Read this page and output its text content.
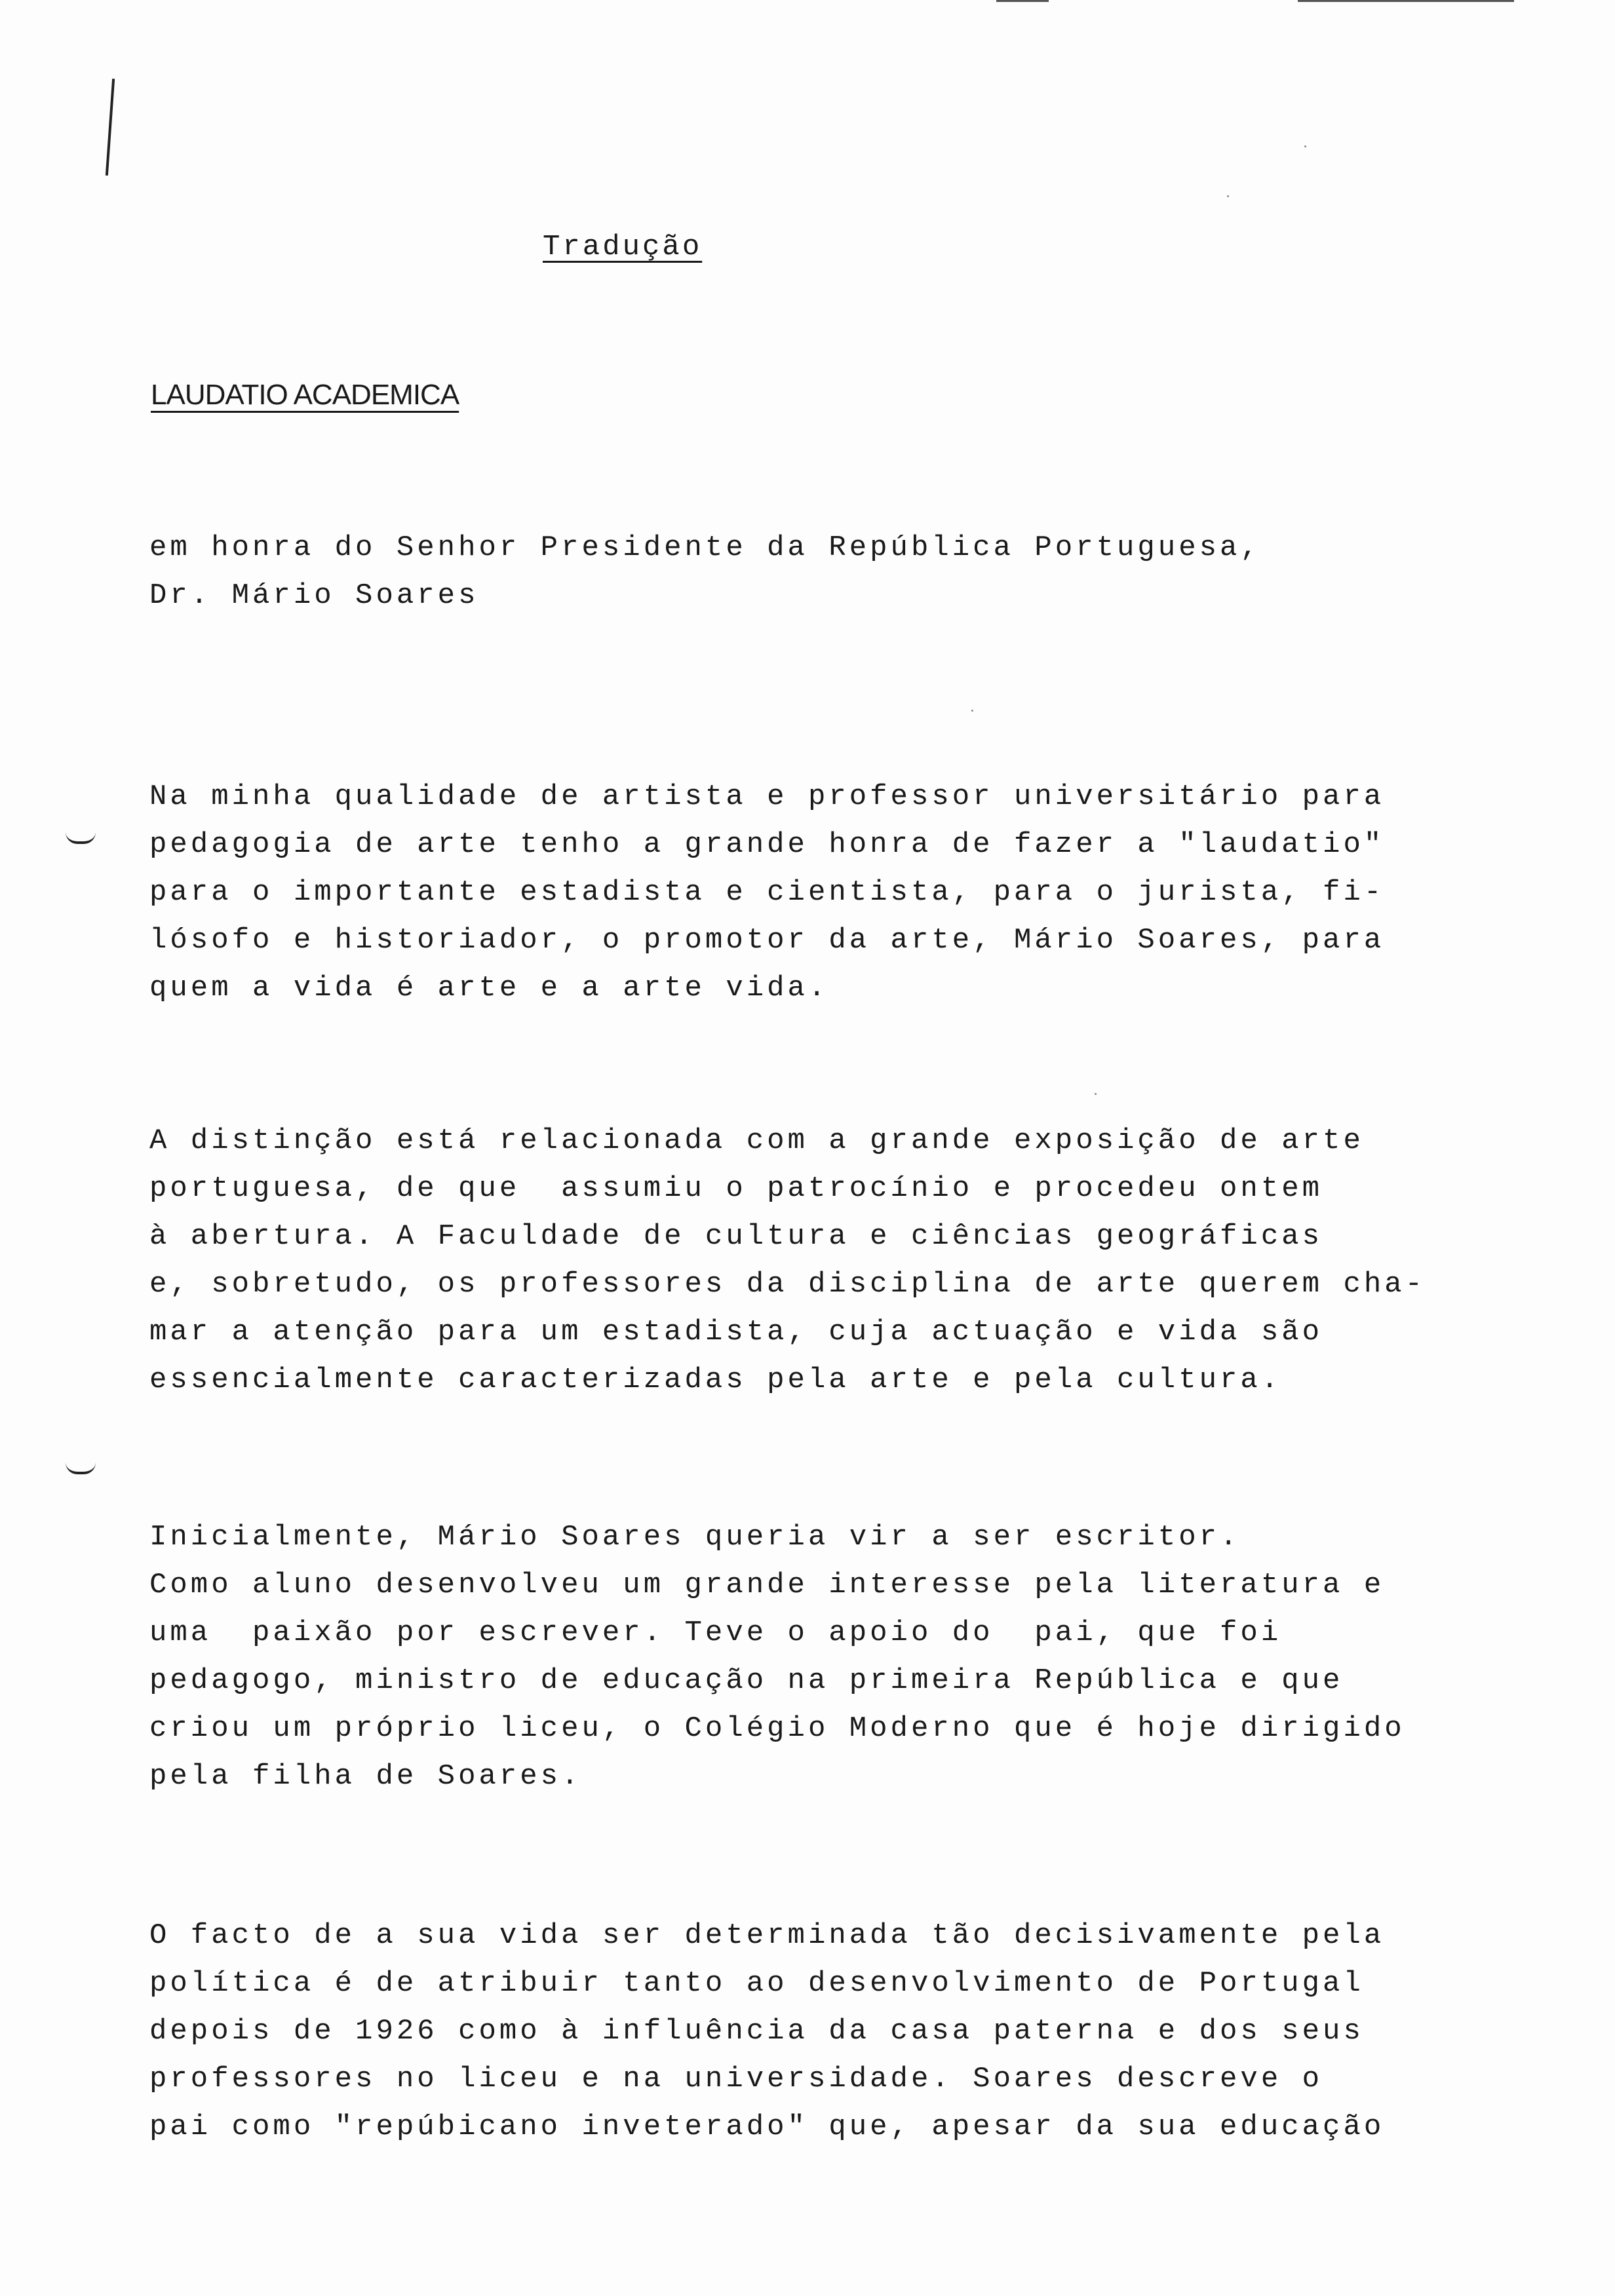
Tradução
LAUDATIO ACADEMICA
em honra do Senhor Presidente da República Portuguesa,
Dr. Mário Soares
Na minha qualidade de artista e professor universitário para
pedagogia de arte tenho a grande honra de fazer a "laudatio"
para o importante estadista e cientista, para o jurista, fi-
lósofo e historiador, o promotor da arte, Mário Soares, para
quem a vida é arte e a arte vida.
A distinção está relacionada com a grande exposição de arte
portuguesa, de que  assumiu o patrocínio e procedeu ontem
à abertura. A Faculdade de cultura e ciências geográficas
e, sobretudo, os professores da disciplina de arte querem cha-
mar a atenção para um estadista, cuja actuação e vida são
essencialmente caracterizadas pela arte e pela cultura.
Inicialmente, Mário Soares queria vir a ser escritor.
Como aluno desenvolveu um grande interesse pela literatura e
uma  paixão por escrever. Teve o apoio do  pai, que foi
pedagogo, ministro de educação na primeira República e que
criou um próprio liceu, o Colégio Moderno que é hoje dirigido
pela filha de Soares.
O facto de a sua vida ser determinada tão decisivamente pela
política é de atribuir tanto ao desenvolvimento de Portugal
depois de 1926 como à influência da casa paterna e dos seus
professores no liceu e na universidade. Soares descreve o
pai como "repúbicano inveterado" que, apesar da sua educação
